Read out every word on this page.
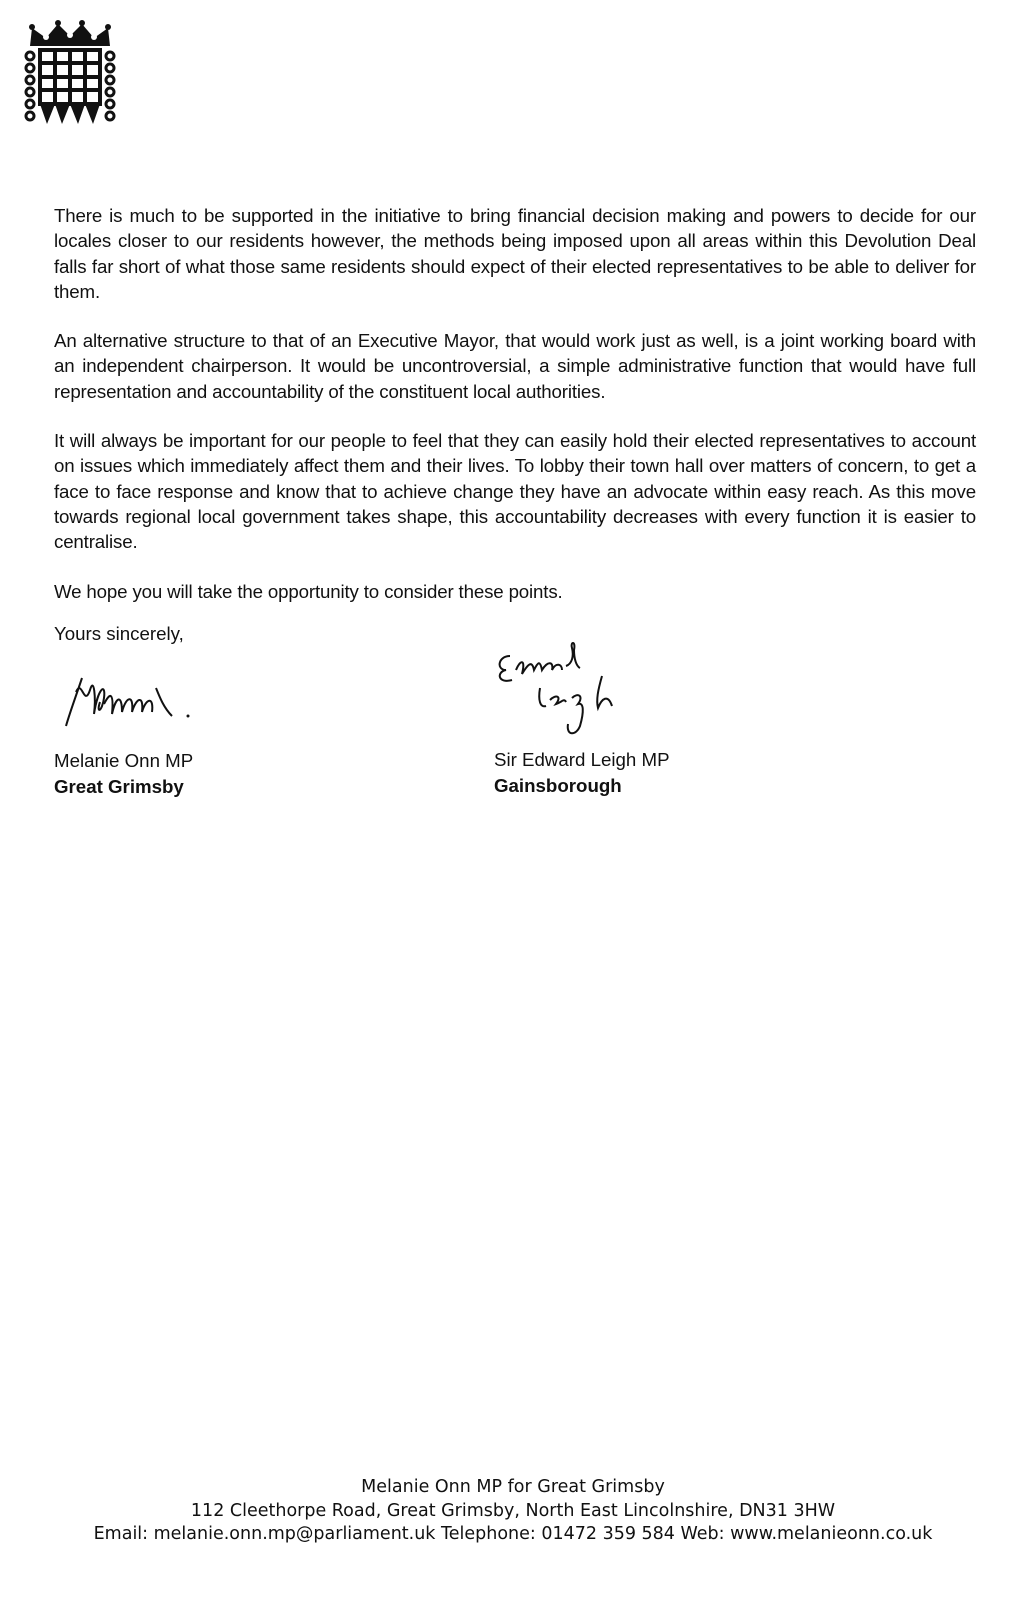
There is much to be supported in the initiative to bring financial decision making and powers to decide for our locales closer to our residents however, the methods being imposed upon all areas within this Devolution Deal falls far short of what those same residents should expect of their elected representatives to be able to deliver for them.

An alternative structure to that of an Executive Mayor, that would work just as well, is a joint working board with an independent chairperson. It would be uncontroversial, a simple administrative function that would have full representation and accountability of the constituent local authorities.

It will always be important for our people to feel that they can easily hold their elected representatives to account on issues which immediately affect them and their lives. To lobby their town hall over matters of concern, to get a face to face response and know that to achieve change they have an advocate within easy reach. As this move towards regional local government takes shape, this accountability decreases with every function it is easier to centralise.

We hope you will take the opportunity to consider these points.

Yours sincerely,
Melanie Onn MP
Great Grimsby
Sir Edward Leigh MP
Gainsborough
Melanie Onn MP for Great Grimsby
112 Cleethorpe Road, Great Grimsby, North East Lincolnshire, DN31 3HW
Email: melanie.onn.mp@parliament.uk Telephone: 01472 359 584 Web: www.melanieonn.co.uk
